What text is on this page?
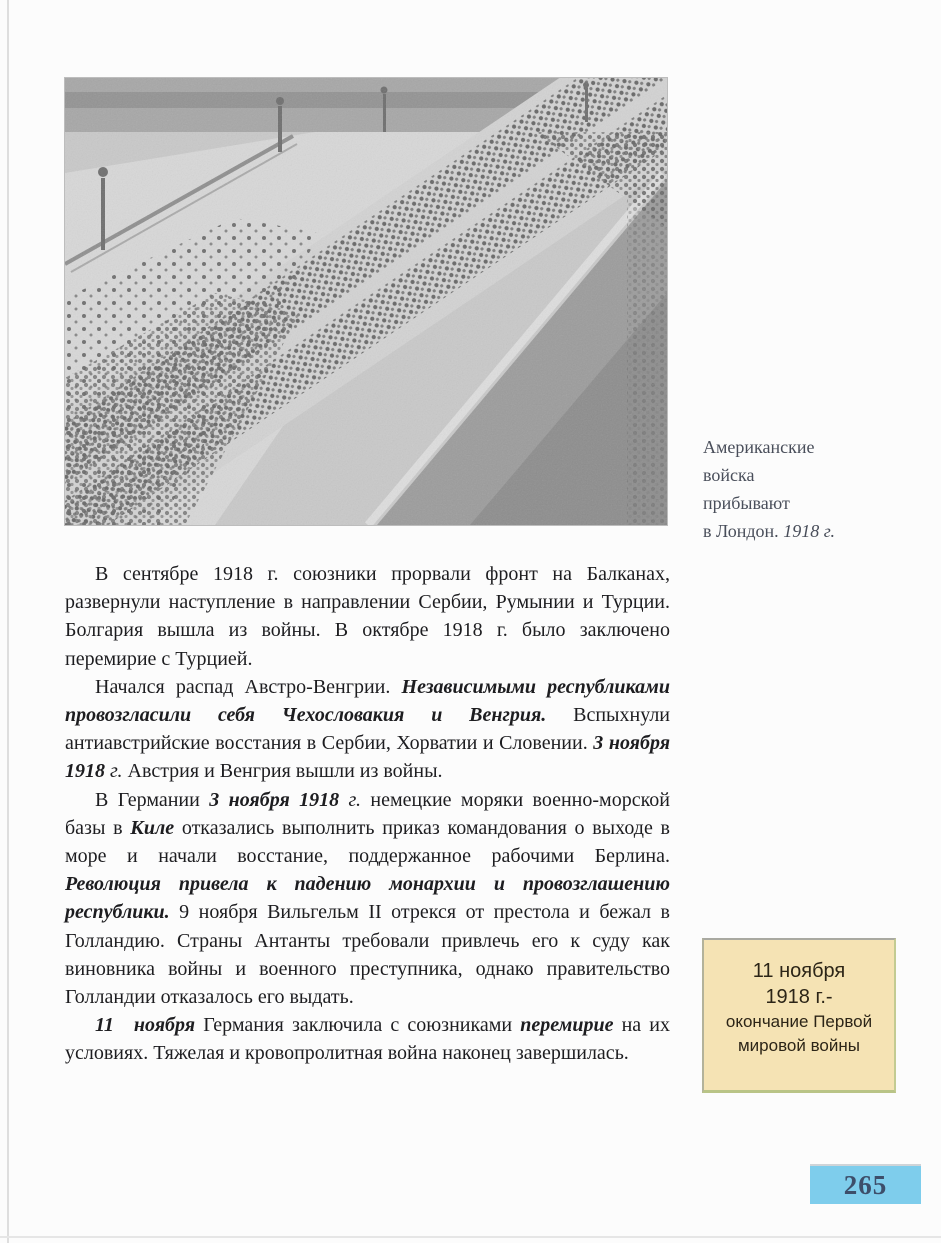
Американские
войска
прибывают
в Лондон. 1918 г.

В сентябре 1918 г. союзники прорвали фронт на Балканах, развернули наступление в направлении Сербии, Румынии и Турции. Болгария вышла из войны. В октябре 1918 г. было заключено перемирие с Турцией.

Начался распад Австро-Венгрии. Независимыми республиками провозгласили себя Чехословакия и Венгрия. Вспыхнули антиавстрийские восстания в Сербии, Хорватии и Словении. 3 ноября 1918 г. Австрия и Венгрия вышли из войны.

В Германии 3 ноября 1918 г. немецкие моряки военно-морской базы в Киле отказались выполнить приказ командования о выходе в море и начали восстание, поддержанное рабочими Берлина. Революция привела к падению монархии и провозглашению республики. 9 ноября Вильгельм II отрекся от престола и бежал в Голландию. Страны Антанты требовали привлечь его к суду как виновника войны и военного преступника, однако правительство Голландии отказалось его выдать.

11  ноября Германия заключила с союзниками перемирие на их условиях. Тяжелая и кровопролитная война наконец завершилась.

11 ноября
1918 г.-
окончание Первой
мировой войны
265
